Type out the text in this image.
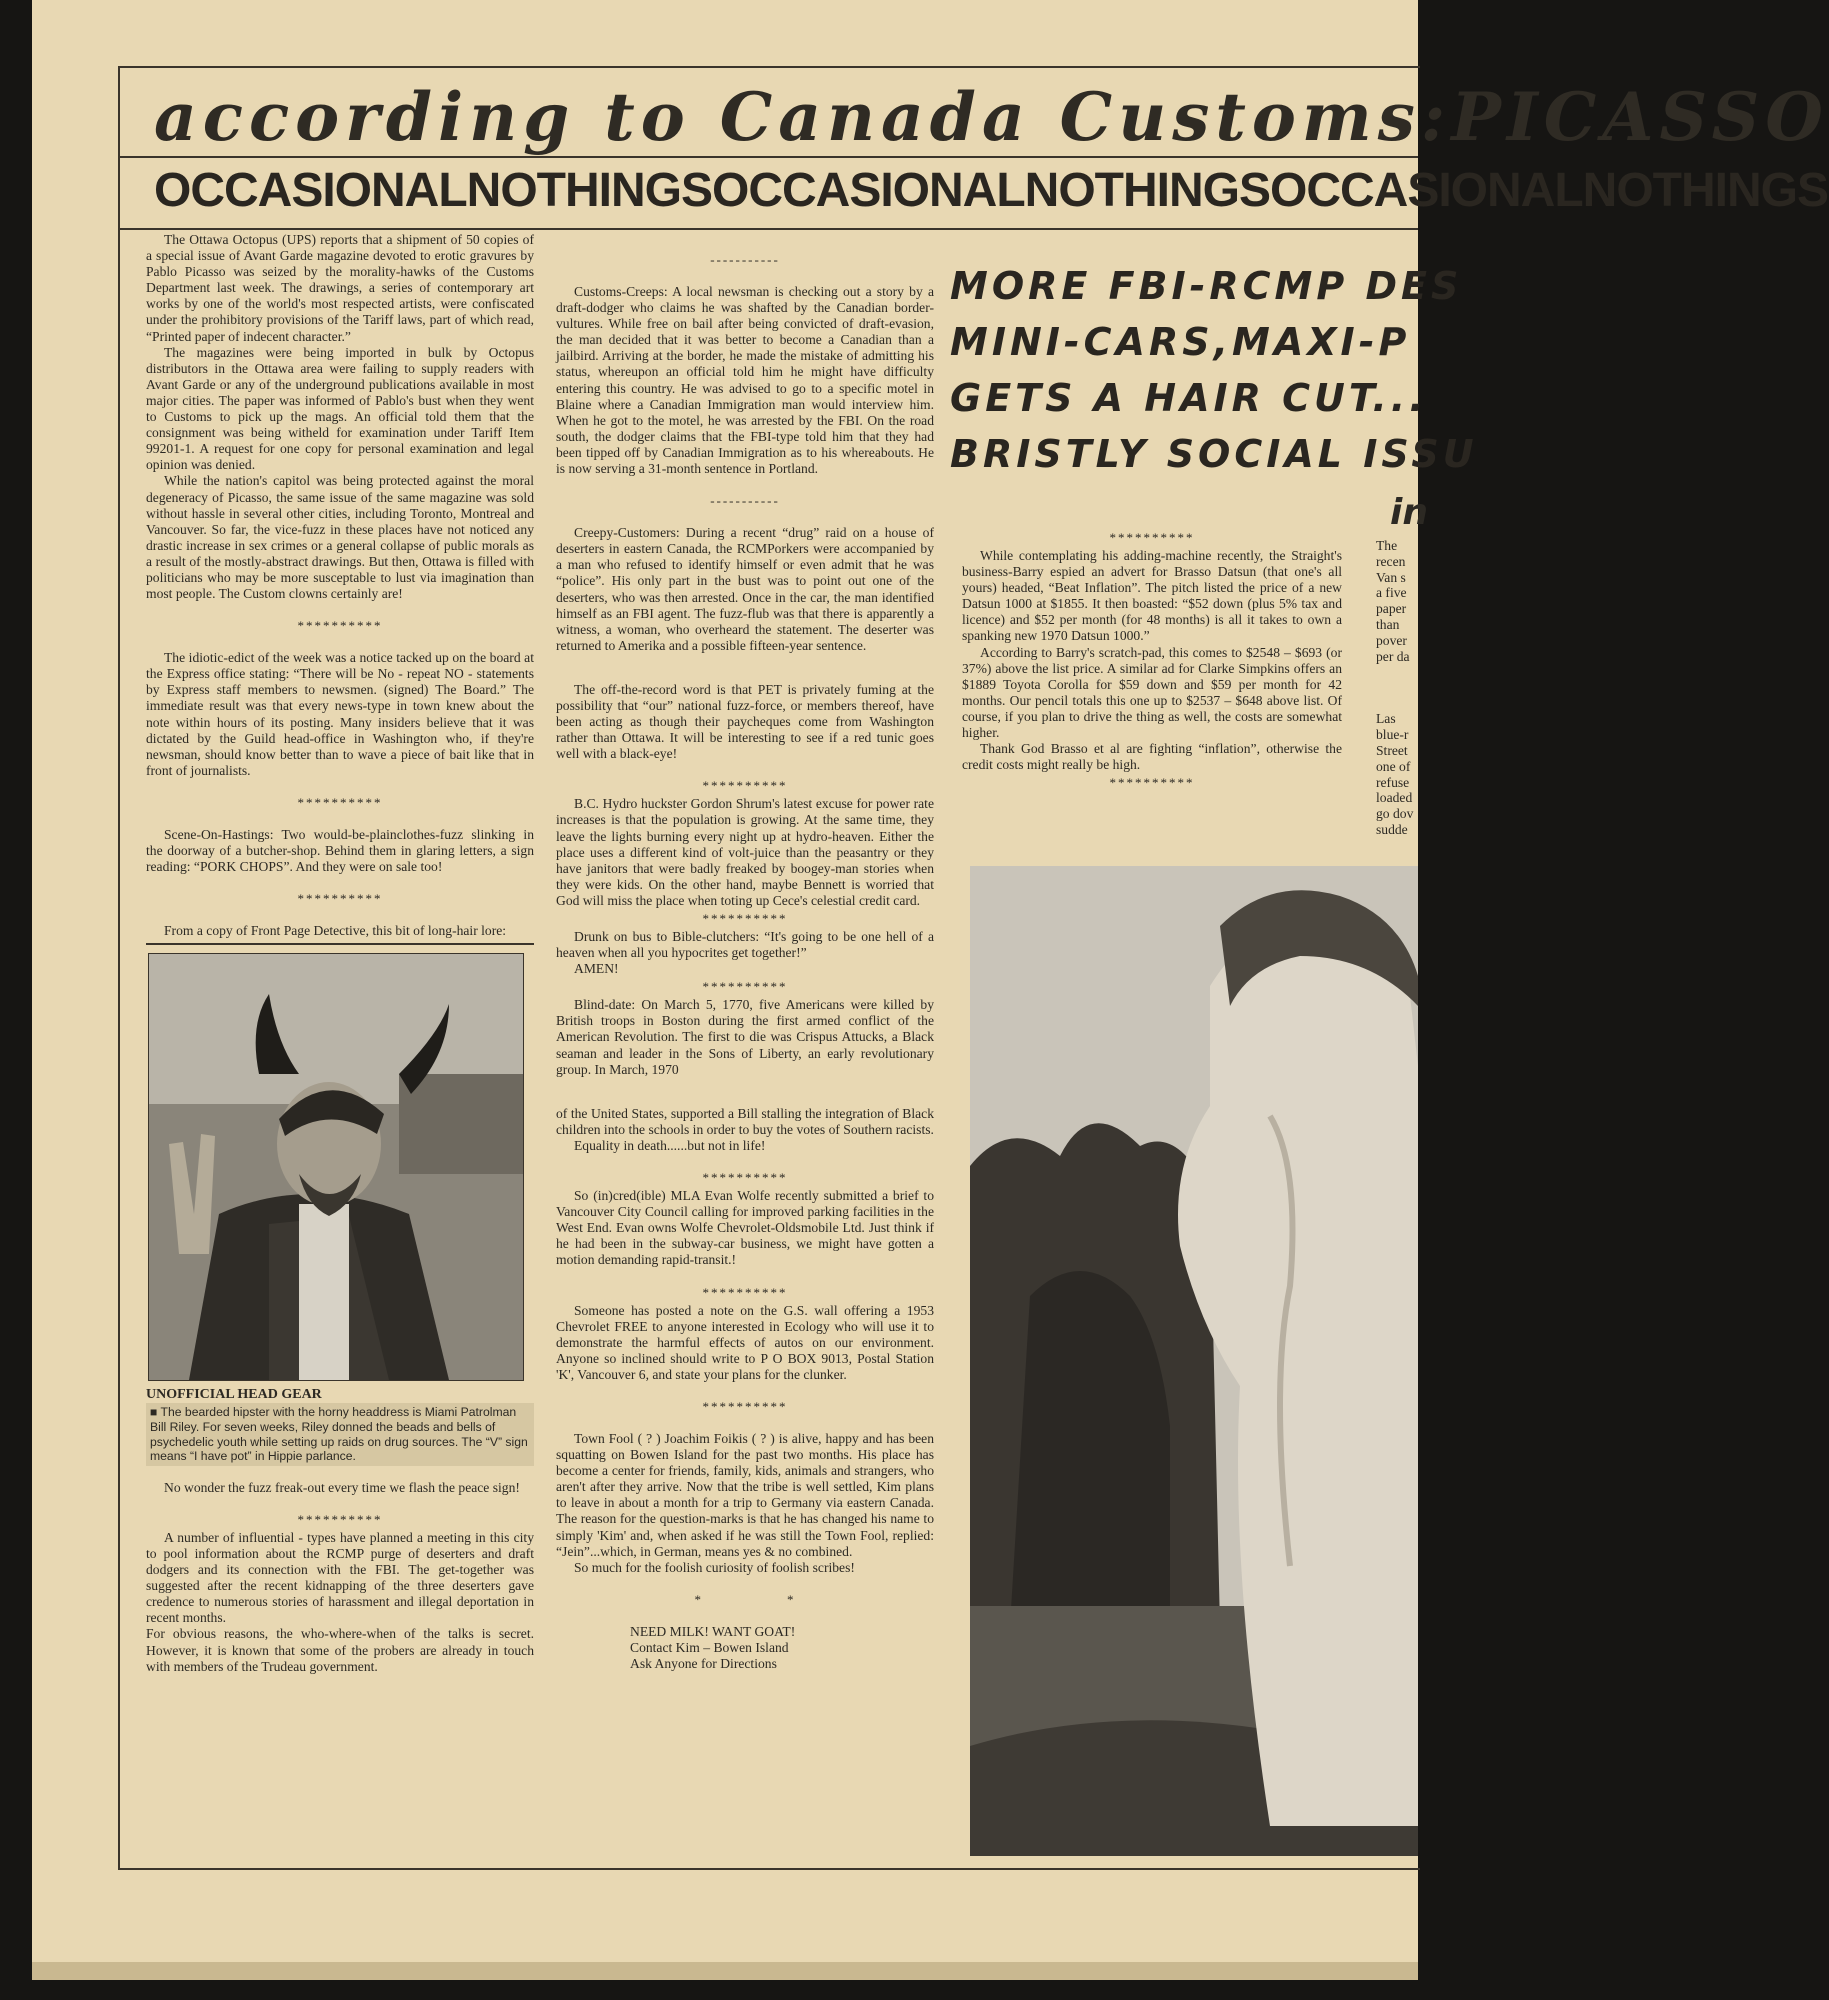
according to Canada Customs:PICASSO
OCCASIONALNOTHINGSOCCASIONALNOTHINGSOCCASIONALNOTHINGS

The Ottawa Octopus (UPS) reports that a shipment of 50 copies of a special issue of Avant Garde magazine devoted to erotic gravures by Pablo Picasso was seized by the morality-hawks of the Customs Department last week. The drawings, a series of contemporary art works by one of the world's most respected artists, were confiscated under the prohibitory provisions of the Tariff laws, part of which read, “Printed paper of indecent character.”

The magazines were being imported in bulk by Octopus distributors in the Ottawa area were failing to supply readers with Avant Garde or any of the underground publications available in most major cities. The paper was informed of Pablo's bust when they went to Customs to pick up the mags. An official told them that the consignment was being witheld for examination under Tariff Item 99201-1. A request for one copy for personal examination and legal opinion was denied.

While the nation's capitol was being protected against the moral degeneracy of Picasso, the same issue of the same magazine was sold without hassle in several other cities, including Toronto, Montreal and Vancouver. So far, the vice-fuzz in these places have not noticed any drastic increase in sex crimes or a general collapse of public morals as a result of the mostly-abstract drawings. But then, Ottawa is filled with politicians who may be more susceptable to lust via imagination than most people. The Custom clowns certainly are!

**********

The idiotic-edict of the week was a notice tacked up on the board at the Express office stating: “There will be No - repeat NO - statements by Express staff members to newsmen. (signed) The Board.” The immediate result was that every news-type in town knew about the note within hours of its posting. Many insiders believe that it was dictated by the Guild head-office in Washington who, if they're newsman, should know better than to wave a piece of bait like that in front of journalists.

**********

Scene-On-Hastings: Two would-be-plainclothes-fuzz slinking in the doorway of a butcher-shop. Behind them in glaring letters, a sign reading: “PORK CHOPS”. And they were on sale too!

**********

From a copy of Front Page Detective, this bit of long-hair lore:

UNOFFICIAL HEAD GEAR
■ The bearded hipster with the horny headdress is Miami Patrolman Bill Riley. For seven weeks, Riley donned the beads and bells of psychedelic youth while setting up raids on drug sources. The “V” sign means “I have pot” in Hippie parlance.

No wonder the fuzz freak-out every time we flash the peace sign!

**********

A number of influential - types have planned a meeting in this city to pool information about the RCMP purge of deserters and draft dodgers and its connection with the FBI. The get-together was suggested after the recent kidnapping of the three deserters gave credence to numerous stories of harassment and illegal deportation in recent months.

For obvious reasons, the who-where-when of the talks is secret. However, it is known that some of the probers are already in touch with members of the Trudeau government.

-----------

Customs-Creeps: A local newsman is checking out a story by a draft-dodger who claims he was shafted by the Canadian border-vultures. While free on bail after being convicted of draft-evasion, the man decided that it was better to become a Canadian than a jailbird. Arriving at the border, he made the mistake of admitting his status, whereupon an official told him he might have difficulty entering this country. He was advised to go to a specific motel in Blaine where a Canadian Immigration man would interview him. When he got to the motel, he was arrested by the FBI. On the road south, the dodger claims that the FBI-type told him that they had been tipped off by Canadian Immigration as to his whereabouts. He is now serving a 31-month sentence in Portland.

-----------

Creepy-Customers: During a recent “drug” raid on a house of deserters in eastern Canada, the RCMPorkers were accompanied by a man who refused to identify himself or even admit that he was “police”. His only part in the bust was to point out one of the deserters, who was then arrested. Once in the car, the man identified himself as an FBI agent. The fuzz-flub was that there is apparently a witness, a woman, who overheard the statement. The deserter was returned to Amerika and a possible fifteen-year sentence.

The off-the-record word is that PET is privately fuming at the possibility that “our” national fuzz-force, or members thereof, have been acting as though their paycheques come from Washington rather than Ottawa. It will be interesting to see if a red tunic goes well with a black-eye!

**********

B.C. Hydro huckster Gordon Shrum's latest excuse for power rate increases is that the population is growing. At the same time, they leave the lights burning every night up at hydro-heaven. Either the place uses a different kind of volt-juice than the peasantry or they have janitors that were badly freaked by boogey-man stories when they were kids. On the other hand, maybe Bennett is worried that God will miss the place when toting up Cece's celestial credit card.

**********

Drunk on bus to Bible-clutchers: “It's going to be one hell of a heaven when all you hypocrites get together!”

AMEN!

**********

Blind-date: On March 5, 1770, five Americans were killed by British troops in Boston during the first armed conflict of the American Revolution. The first to die was Crispus Attucks, a Black seaman and leader in the Sons of Liberty, an early revolutionary group. In March, 1970

of the United States, supported a Bill stalling the integration of Black children into the schools in order to buy the votes of Southern racists.

Equality in death......but not in life!

**********

So (in)cred(ible) MLA Evan Wolfe recently submitted a brief to Vancouver City Council calling for improved parking facilities in the West End. Evan owns Wolfe Chevrolet-Oldsmobile Ltd. Just think if he had been in the subway-car business, we might have gotten a motion demanding rapid-transit.!

**********

Someone has posted a note on the G.S. wall offering a 1953 Chevrolet FREE to anyone interested in Ecology who will use it to demonstrate the harmful effects of autos on our environment. Anyone so inclined should write to P O BOX 9013, Postal Station 'K', Vancouver 6, and state your plans for the clunker.

**********

Town Fool ( ? ) Joachim Foikis ( ? ) is alive, happy and has been squatting on Bowen Island for the past two months. His place has become a center for friends, family, kids, animals and strangers, who aren't after they arrive. Now that the tribe is well settled, Kim plans to leave in about a month for a trip to Germany via eastern Canada. The reason for the question-marks is that he has changed his name to simply 'Kim' and, when asked if he was still the Town Fool, replied: “Jein”...which, in German, means yes & no combined.

So much for the foolish curiosity of foolish scribes!

*                *
NEED MILK! WANT GOAT!
Contact Kim – Bowen Island
Ask Anyone for Directions
MORE FBI-RCMP DES
MINI-CARS,MAXI-P
GETS A HAIR CUT...
BRISTLY SOCIAL ISSU
in
**********

While contemplating his adding-machine recently, the Straight's business-Barry espied an advert for Brasso Datsun (that one's all yours) headed, “Beat Inflation”. The pitch listed the price of a new Datsun 1000 at $1855. It then boasted: “$52 down (plus 5% tax and licence) and $52 per month (for 48 months) is all it takes to own a spanking new 1970 Datsun 1000.”

According to Barry's scratch-pad, this comes to $2548 – $693 (or 37%) above the list price. A similar ad for Clarke Simpkins offers an $1889 Toyota Corolla for $59 down and $59 per month for 42 months. Our pencil totals this one up to $2537 – $648 above list. Of course, if you plan to drive the thing as well, the costs are somewhat higher.

Thank God Brasso et al are fighting “inflation”, otherwise the credit costs might really be high.

**********
The
recen
Van s
a five
paper
than
pover
per da
Las
blue-r
Street
one of
refuse
loaded
go dov
sudde
